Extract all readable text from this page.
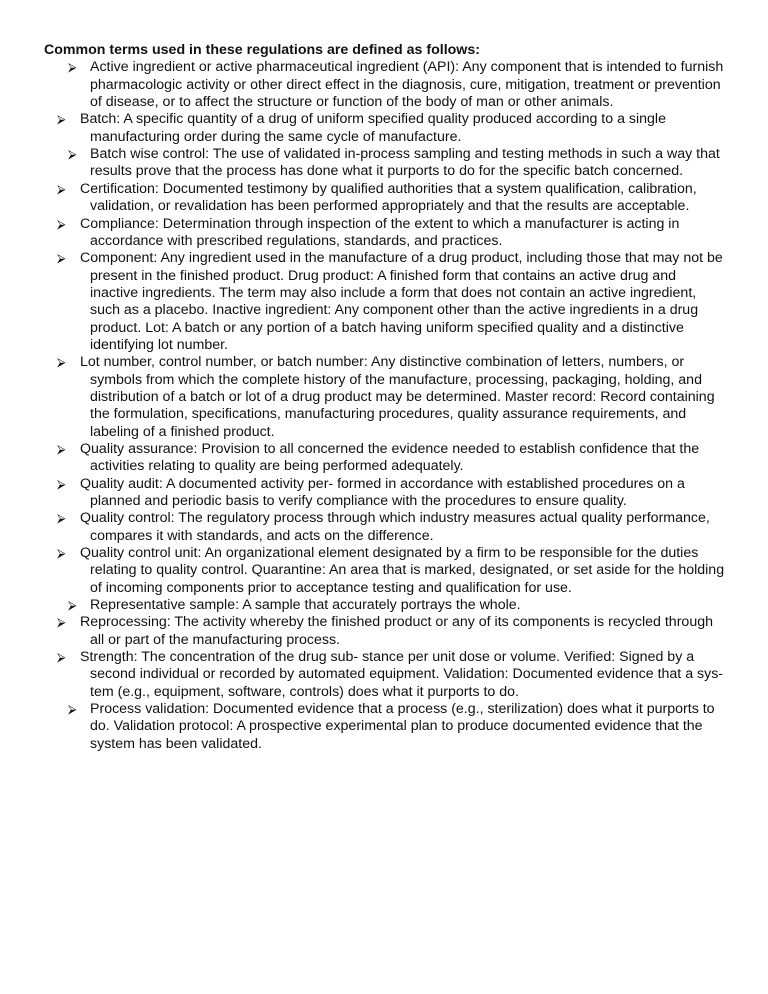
Common terms used in these regulations are defined as follows:
⮚ Active ingredient or active pharmaceutical ingredient (API): Any component that is intended to furnish pharmacologic activity or other direct effect in the diagnosis, cure, mitigation, treatment or prevention of disease, or to affect the structure or function of the body of man or other animals.
⮚ Batch: A specific quantity of a drug of uniform specified quality produced according to a single manufacturing order during the same cycle of manufacture.
⮚ Batch wise control: The use of validated in-process sampling and testing methods in such a way that results prove that the process has done what it purports to do for the specific batch concerned.
⮚ Certification: Documented testimony by qualified authorities that a system qualification, calibration, validation, or revalidation has been performed appropriately and that the results are acceptable.
⮚ Compliance: Determination through inspection of the extent to which a manufacturer is acting in accordance with prescribed regulations, standards, and practices.
⮚ Component: Any ingredient used in the manufacture of a drug product, including those that may not be present in the finished product. Drug product: A finished form that contains an active drug and inactive ingredients. The term may also include a form that does not contain an active ingredient, such as a placebo. Inactive ingredient: Any component other than the active ingredients in a drug product. Lot: A batch or any portion of a batch having uniform specified quality and a distinctive identifying lot number.
⮚ Lot number, control number, or batch number: Any distinctive combination of letters, numbers, or symbols from which the complete history of the manufacture, processing, packaging, holding, and distribution of a batch or lot of a drug product may be determined. Master record: Record containing the formulation, specifications, manufacturing procedures, quality assurance requirements, and labeling of a finished product.
⮚ Quality assurance: Provision to all concerned the evidence needed to establish confidence that the activities relating to quality are being performed adequately.
⮚ Quality audit: A documented activity per- formed in accordance with established procedures on a planned and periodic basis to verify compliance with the procedures to ensure quality.
⮚ Quality control: The regulatory process through which industry measures actual quality performance, compares it with standards, and acts on the difference.
⮚ Quality control unit: An organizational element designated by a firm to be responsible for the duties relating to quality control. Quarantine: An area that is marked, designated, or set aside for the holding of incoming components prior to acceptance testing and qualification for use.
⮚ Representative sample: A sample that accurately portrays the whole.
⮚ Reprocessing: The activity whereby the finished product or any of its components is recycled through all or part of the manufacturing process.
⮚ Strength: The concentration of the drug sub- stance per unit dose or volume. Verified: Signed by a second individual or recorded by automated equipment. Validation: Documented evidence that a sys- tem (e.g., equipment, software, controls) does what it purports to do.
⮚ Process validation: Documented evidence that a process (e.g., sterilization) does what it purports to do. Validation protocol: A prospective experimental plan to produce documented evidence that the system has been validated.
